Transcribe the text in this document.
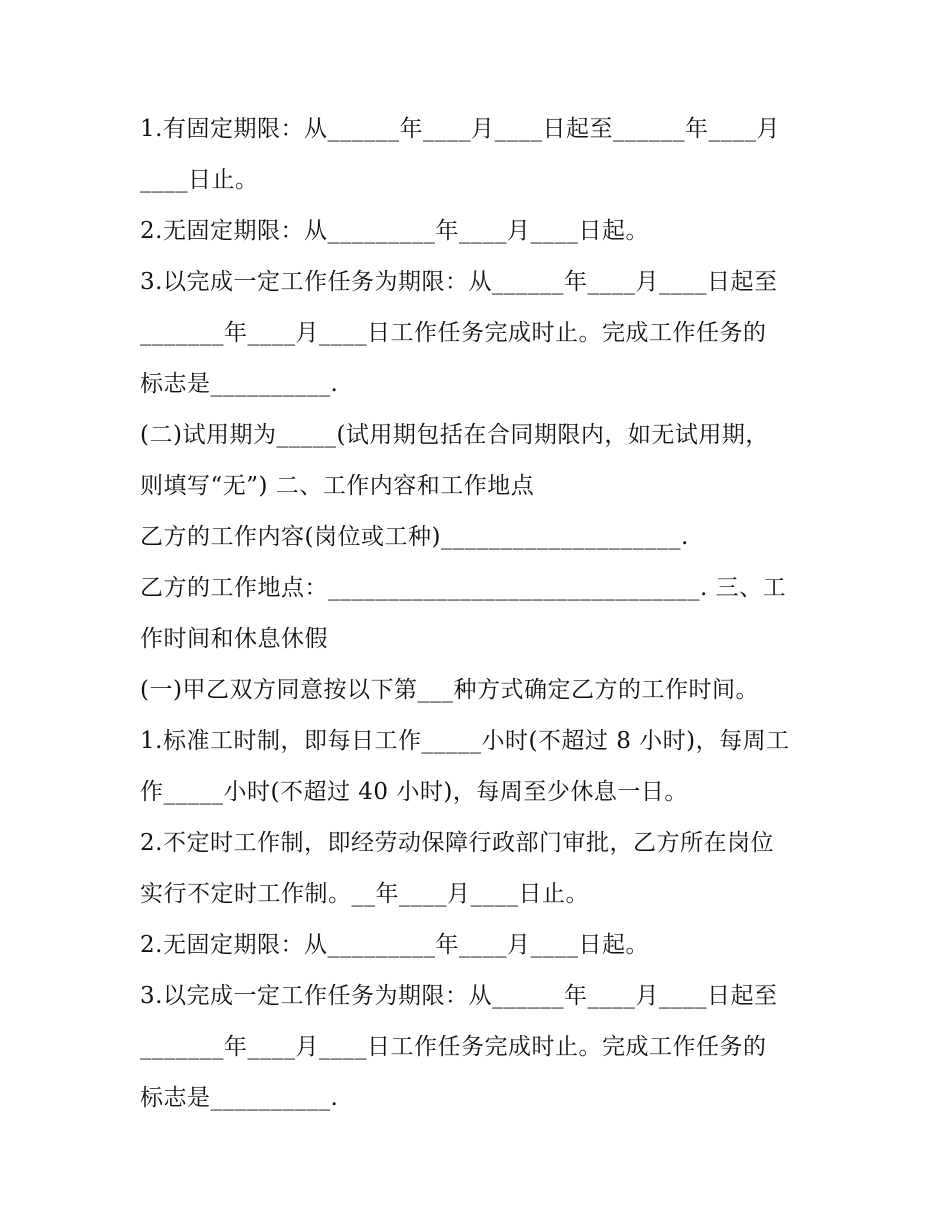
1.有固定期限：从______年____月____日起至______年____月
____日止。
2.无固定期限：从_________年____月____日起。
3.以完成一定工作任务为期限：从______年____月____日起至
_______年____月____日工作任务完成时止。完成工作任务的
标志是__________.
(二)试用期为_____(试用期包括在合同期限内，如无试用期，
则填写“无”) 二、工作内容和工作地点
乙方的工作内容(岗位或工种)____________________.
乙方的工作地点：_______________________________. 三、工
作时间和休息休假
(一)甲乙双方同意按以下第___种方式确定乙方的工作时间。
1.标准工时制，即每日工作_____小时(不超过 8 小时)，每周工
作_____小时(不超过 40 小时)，每周至少休息一日。
2.不定时工作制，即经劳动保障行政部门审批，乙方所在岗位
实行不定时工作制。__年____月____日止。
2.无固定期限：从_________年____月____日起。
3.以完成一定工作任务为期限：从______年____月____日起至
_______年____月____日工作任务完成时止。完成工作任务的
标志是__________.
